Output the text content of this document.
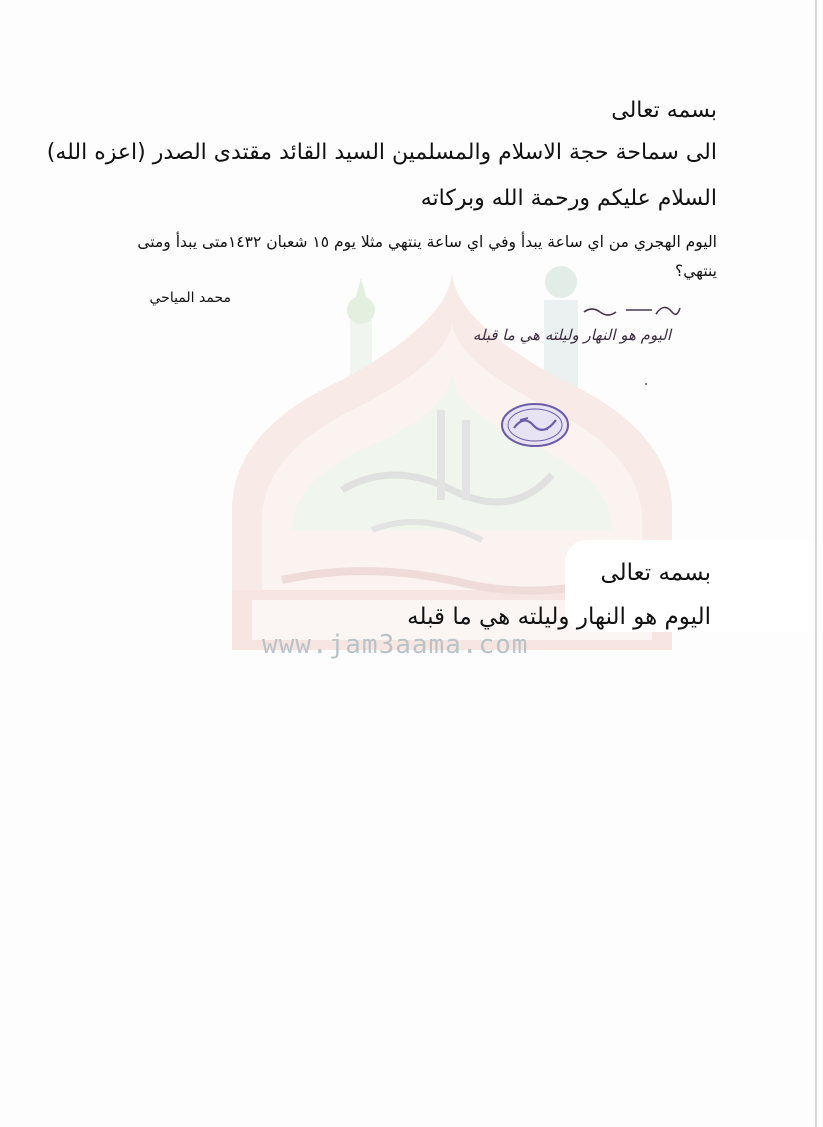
www.jam3aama.com
بسمه تعالى
الى سماحة حجة الاسلام والمسلمين السيد القائد مقتدى الصدر (اعزه الله)
السلام عليكم ورحمة الله وبركاته
اليوم الهجري من اي ساعة يبدأ وفي اي ساعة ينتهي مثلا يوم ١٥ شعبان ١٤٣٢متى يبدأ ومتى
ينتهي؟
محمد المياحي
اليوم هو النهار وليلته هي ما قبله
بسمه تعالى
اليوم هو النهار وليلته هي ما قبله
